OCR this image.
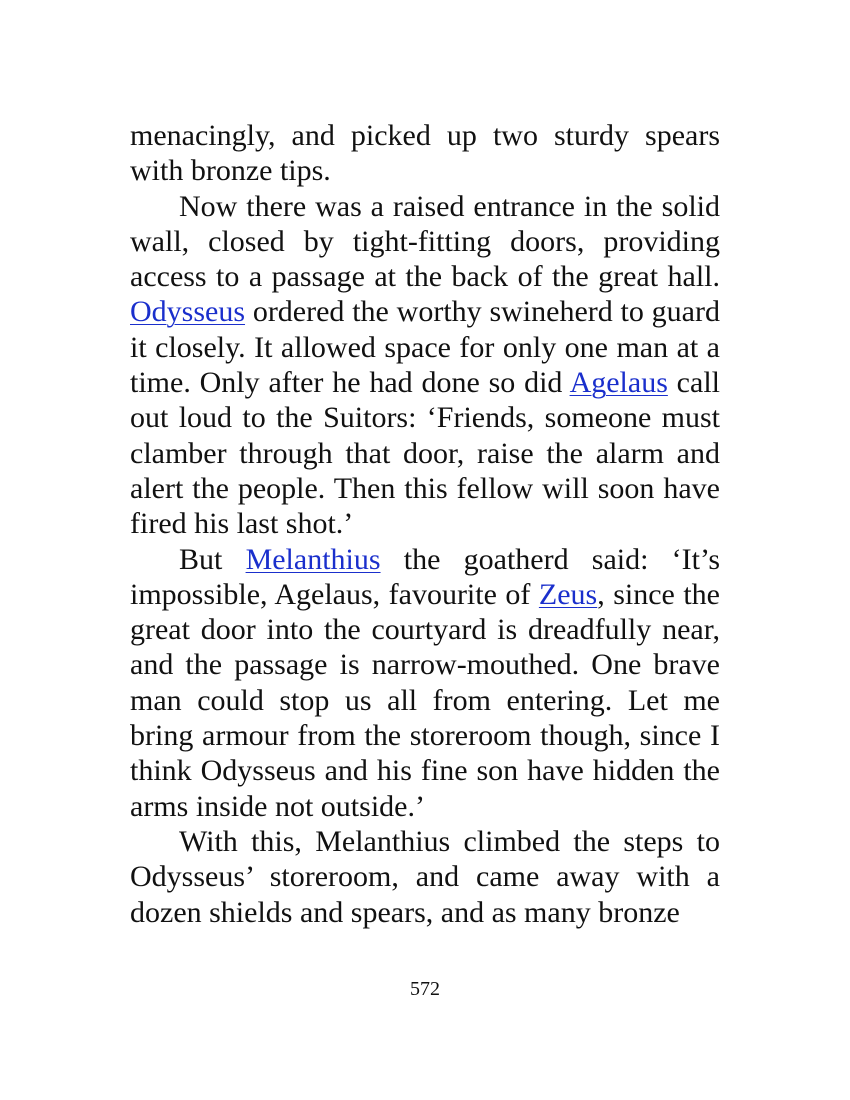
menacingly, and picked up two sturdy spears with bronze tips.

Now there was a raised entrance in the solid wall, closed by tight-fitting doors, providing access to a passage at the back of the great hall. Odysseus ordered the worthy swineherd to guard it closely. It allowed space for only one man at a time. Only after he had done so did Agelaus call out loud to the Suitors: ‘Friends, someone must clamber through that door, raise the alarm and alert the people. Then this fellow will soon have fired his last shot.’

But Melanthius the goatherd said: ‘It’s impossible, Agelaus, favourite of Zeus, since the great door into the courtyard is dreadfully near, and the passage is narrow-mouthed. One brave man could stop us all from entering. Let me bring armour from the storeroom though, since I think Odysseus and his fine son have hidden the arms inside not outside.’

With this, Melanthius climbed the steps to Odysseus’ storeroom, and came away with a dozen shields and spears, and as many bronze

572
